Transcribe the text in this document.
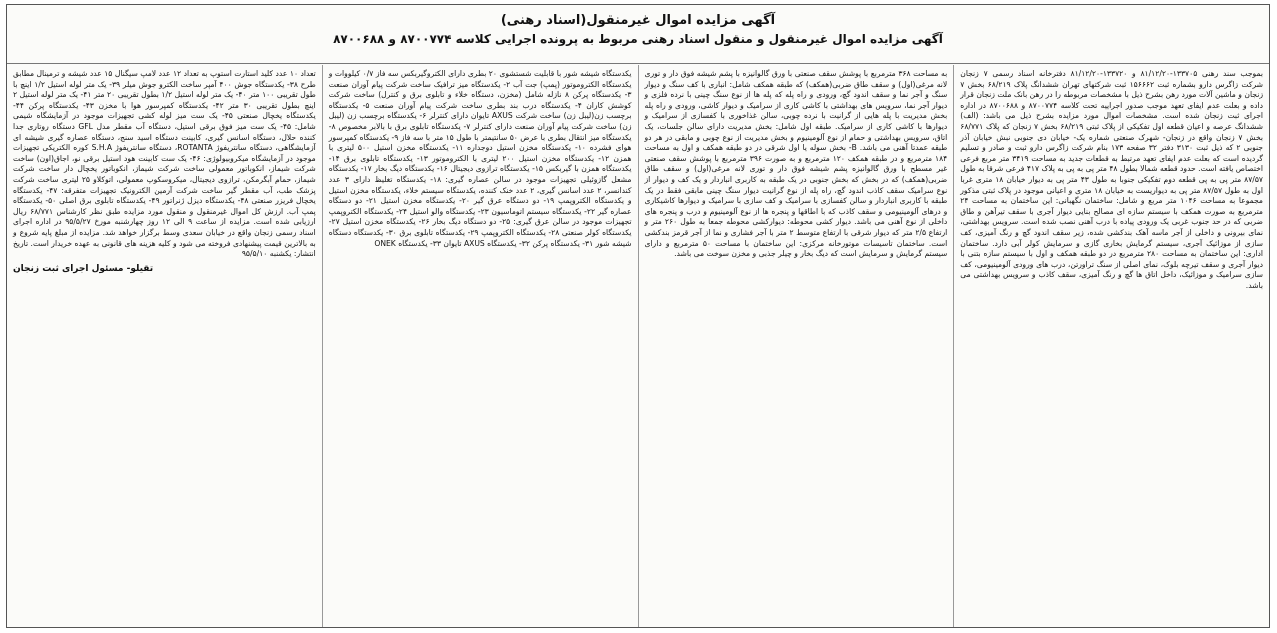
آگهی مزایده اموال غیرمنقول(اسناد رهنی)
آگهی مزایده اموال غیرمنقول و منقول اسناد رهنی مربوط به پرونده اجرایی کلاسه ۸۷۰۰۷۷۴ و ۸۷۰۰۶۸۸

بموجب سند رهنی ۱۳۳۷۰۵-۸۱/۱۲/۲۰ و ۱۳۳۷۲۰-۸۱/۱۲/۲۰ دفترخانه اسناد رسمی ۷ زنجان شرکت زاگرس دارو بشماره ثبت ۱۵۶۶۶۲ ثبت شرکتهای تهران ششدانگ پلاک ۶۸/۲۱۹ بخش ۷ زنجان و ماشین آلات مورد رهن بشرح ذیل با مشخصات مربوطه را در رهن بانک ملت زنجان قرار داده و بعلت عدم ایفای تعهد موجب صدور اجراییه تحت کلاسه ۸۷۰۰۷۷۴ و ۸۷۰۰۶۸۸ در اداره اجرای ثبت زنجان شده است. مشخصات اموال مورد مزایده بشرح ذیل می باشد: (الف) ششدانگ عرصه و اعیان قطعه اول تفکیکی از پلاک ثبتی ۶۸/۲۱۹ بخش ۷ زنجان که پلاک ۶۸/۷۷۱ بخش ۷ زنجان واقع در زنجان- شهرک صنعتی شماره یک- خیابان دی جنوبی نبش خیابان آذر جنوبی ۲ که ذیل ثبت ۳۱۳۰ دفتر ۳۲ صفحه ۱۷۳ بنام شرکت زاگرس دارو ثبت و صادر و تسلیم گردیده است که بعلت عدم ایفای تعهد مرتبط به قطعات جدید به مساحت ۳۴۱۹ متر مربع فرعی اختصاص یافته است. حدود قطعه شمالا بطول ۴۸ متر پی به پی به پلاک ۴۱۷ فرعی شرقا به طول ۸۷/۵۷ متر پی به پی قطعه دوم تفکیکی جنوبا به طول ۴۳ متر پی به دیوار خیابان ۱۸ متری غربا اول به طول ۸۷/۵۷ متر پی به دیواریست به خیابان ۱۸ متری و اعیانی موجود در پلاک ثبتی مذکور مجموعا به مساحت ۱۰۴۶ متر مربع و شامل: ساختمان نگهبانی: این ساختمان به مساحت ۲۴ مترمربع به صورت همکف با سیستم سازه ای مصالح بنایی دیوار آجری با سقف تیرآهن و طاق ضربی که در حد جنوب غربی یک ورودی پیاده با درب آهنی نصب شده است. سرویس بهداشتی، نمای بیرونی و داخلی از آجر ماسه آهک بندکشی شده، زیر سقف اندود گچ و رنگ آمیزی، کف سازی از موزائیک آجری، سیستم گرمایش بخاری گازی و سرمایش کولر آبی دارد. ساختمان اداری: این ساختمان به مساحت ۲۸۰ مترمربع در دو طبقه همکف و اول با سیستم سازه بتنی با دیوار آجری و سقف تیرچه بلوک، نمای اصلی از سنگ تراورتن، درب های ورودی آلومینیومی، کف سازی سرامیک و موزائیک، داخل اتاق ها گچ و رنگ آمیزی، سقف کاذب و سرویس بهداشتی می باشد.

به مساحت ۳۶۸ مترمربع با پوشش سقف صنعتی با ورق گالوانیزه با پشم شیشه فوق دار و توری لانه مرغی(اول) و سقف طاق ضربی(همکف) که طبقه همکف شامل: انباری با کف سنگ و دیوار سنگ و آجر نما و سقف اندود گچ، ورودی و راه پله که پله ها از نوع سنگ چینی با نرده فلزی و دیوار آجر نما، سرویس های بهداشتی با کاشی کاری از سرامیک و دیوار کاشی، ورودی و راه پله بخش مدیریت با پله هایی از گرانیت با نرده چوبی، سالن غذاخوری با کفسازی از سرامیک و دیوارها با کاشی کاری از سرامیک. طبقه اول شامل: بخش مدیریت دارای سالن جلسات، یک اتاق، سرویس بهداشتی و حمام از نوع آلومینیوم و بخش مدیریت از نوع چوبی و مابقی در هر دو طبقه عمدتا آهنی می باشد. B- بخش سوله یا اول شرقی در دو طبقه همکف و اول به مساحت ۱۸۴ مترمربع و در طبقه همکف ۱۲۰ مترمربع و به صورت ۳۹۶ مترمربع با پوشش سقف صنعتی غیر مسطح با ورق گالوانیزه پشم شیشه فوق دار و توری لانه مرغی(اول) و سقف طاق ضربی(همکف) که در بخش که بخش جنوبی در یک طبقه به کاربری انباردار و یک کف و دیوار از نوع سرامیک سقف کاذب اندود گچ، راه پله از نوع گرانیت دیوار سنگ چینی مابقی فقط در یک طبقه با کاربری انباردار و سالن کفسازی با سرامیک و کف سازی با سرامیک و دیوارها کاشیکاری و درهای آلومینیومی و سقف کاذب که با اطاقها و پنجره ها از نوع آلومینیوم و درب و پنجره های داخلی از نوع آهنی می باشد. دیوار کشی محوطه: دیوارکشی محوطه جمعا به طول ۲۶۰ متر و ارتفاع ۲/۵ متر که دیوار شرقی با ارتفاع متوسط ۲ متر با آجر فشاری و نما از آجر قرمز بندکشی است. ساختمان تاسیسات موتورخانه مرکزی: این ساختمان با مساحت ۵۰ مترمربع و دارای سیستم گرمایش و سرمایش است که دیگ بخار و چیلر جذبی و مخزن سوخت می باشد.

یکدستگاه شیشه شور با قابلیت شستشوی ۲۰ بطری دارای الکتروگیربکس سه فاز ۰/۷ کیلووات و یکدستگاه الکتروموتور (پمپ) جت آب ۲- یکدستگاه میز ترافیک ساخت شرکت پیام آوران صنعت ۳- یکدستگاه پرکن ۸ نازله شامل (مخزن، دستگاه خلاء و تابلوی برق و کنترل) ساخت شرکت کوشش کاران ۴- یکدستگاه درب بند بطری ساخت شرکت پیام آوران صنعت ۵- یکدستگاه برچسب زن(لیبل زن) ساخت شرکت AXUS تایوان دارای کنترلر ۶- یکدستگاه برچسب زن (لیبل زن) ساخت شرکت پیام آوران صنعت دارای کنترلر ۷- یکدستگاه تابلوی برق با بالابر مخصوص ۸- یکدستگاه میز انتقال بطری با عرض ۵۰ سانتیمتر با طول ۱۵ متر با سه فاز ۹- یکدستگاه کمپرسور هوای فشرده ۱۰- یکدستگاه مخزن استیل دوجداره ۱۱- یکدستگاه مخزن استیل ۵۰۰ لیتری با همزن ۱۲- یکدستگاه مخزن استیل ۲۰۰ لیتری با الکتروموتور ۱۳- یکدستگاه تابلوی برق ۱۴- یکدستگاه همزن با گیربکس ۱۵- یکدستگاه ترازوی دیجیتال ۱۶- یکدستگاه دیگ بخار ۱۷- یکدستگاه مشعل گازوئیلی تجهیزات موجود در سالن عصاره گیری: ۱۸- یکدستگاه تغلیظ دارای ۳ عدد کندانسر، ۲ عدد اسانس گیری، ۲ عدد خنک کننده، یکدستگاه سیستم خلاء، یکدستگاه مخزن استیل و یکدستگاه الکتروپمپ ۱۹- دو دستگاه عرق گیر ۲۰- یکدستگاه مخزن استیل ۲۱- دو دستگاه عصاره گیر ۲۲- یکدستگاه سیستم اتوماسیون ۲۳- یکدستگاه والو استیل ۲۴- یکدستگاه الکتروپمپ تجهیزات موجود در سالن عرق گیری: ۲۵- دو دستگاه دیگ بخار ۲۶- یکدستگاه مخزن استیل ۲۷- یکدستگاه کولر صنعتی ۲۸- یکدستگاه الکتروپمپ ۲۹- یکدستگاه تابلوی برق ۳۰- یکدستگاه دستگاه شیشه شور ۳۱- یکدستگاه پرکن ۳۲- یکدستگاه AXUS تایوان ۳۳- یکدستگاه ONEK

تعداد ۱۰ عدد کلید استارت استوپ به تعداد ۱۲ عدد لامپ سیگنال ۱۵ عدد شیشه و ترمینال مطابق طرح ۳۸- یکدستگاه جوش ۴۰۰ آمپر ساخت الکترو جوش میلر ۳۹- یک متر لوله استیل ۱/۲ اینچ با طول تقریبی ۱۰۰ متر ۴۰- یک متر لوله استیل ۱/۲ بطول تقریبی ۲۰ متر ۴۱- یک متر لوله استیل ۲ اینچ بطول تقریبی ۳۰ متر ۴۲- یکدستگاه کمپرسور هوا با مخزن ۴۳- یکدستگاه پرکن ۴۴- یکدستگاه یخچال صنعتی ۴۵- یک ست میز لوله کشی تجهیزات موجود در آزمایشگاه شیمی شامل: ۴۵- یک ست میز فوق برقی استیل، دستگاه آب مقطر مدل GFL دستگاه روتاری جدا کننده حلال، دستگاه اسانس گیری، کابینت دستگاه اسید سنج، دستگاه عصاره گیری شیشه ای آزمایشگاهی، دستگاه سانتریفوژ ROTANTA، دستگاه سانتریفوژ S.H.A کوره الکتریکی تجهیزات موجود در آزمایشگاه میکروبیولوژی: ۴۶- یک ست کابینت هود استیل برقی نو، اجاق(اون) ساخت شرکت شیماز، انکوباتور معمولی ساخت شرکت شیماز، انکوباتور یخچال دار ساخت شرکت شیماز، حمام آبگرمکن، ترازوی دیجیتال، میکروسکوپ معمولی، اتوکلاو ۲۵ لیتری ساخت شرکت پزشک طب، آب مقطر گیر ساخت شرکت آرمین الکترونیک تجهیزات متفرقه: ۴۷- یکدستگاه یخچال فریزر صنعتی ۴۸- یکدستگاه دیزل ژنراتور ۴۹- یکدستگاه تابلوی برق اصلی ۵۰- یکدستگاه پمپ آب. ارزش کل اموال غیرمنقول و منقول مورد مزایده طبق نظر کارشناس ۶۸/۷۷۱ ریال ارزیابی شده است. مزایده از ساعت ۹ الی ۱۲ روز چهارشنبه مورخ ۹۵/۵/۲۷ در اداره اجرای اسناد رسمی زنجان واقع در خیابان سعدی وسط برگزار خواهد شد. مزایده از مبلغ پایه شروع و به بالاترین قیمت پیشنهادی فروخته می شود و کلیه هزینه های قانونی به عهده خریدار است. تاریخ انتشار: یکشنبه ۹۵/۵/۱۰

تقیلو- مسئول اجرای ثبت زنجان
